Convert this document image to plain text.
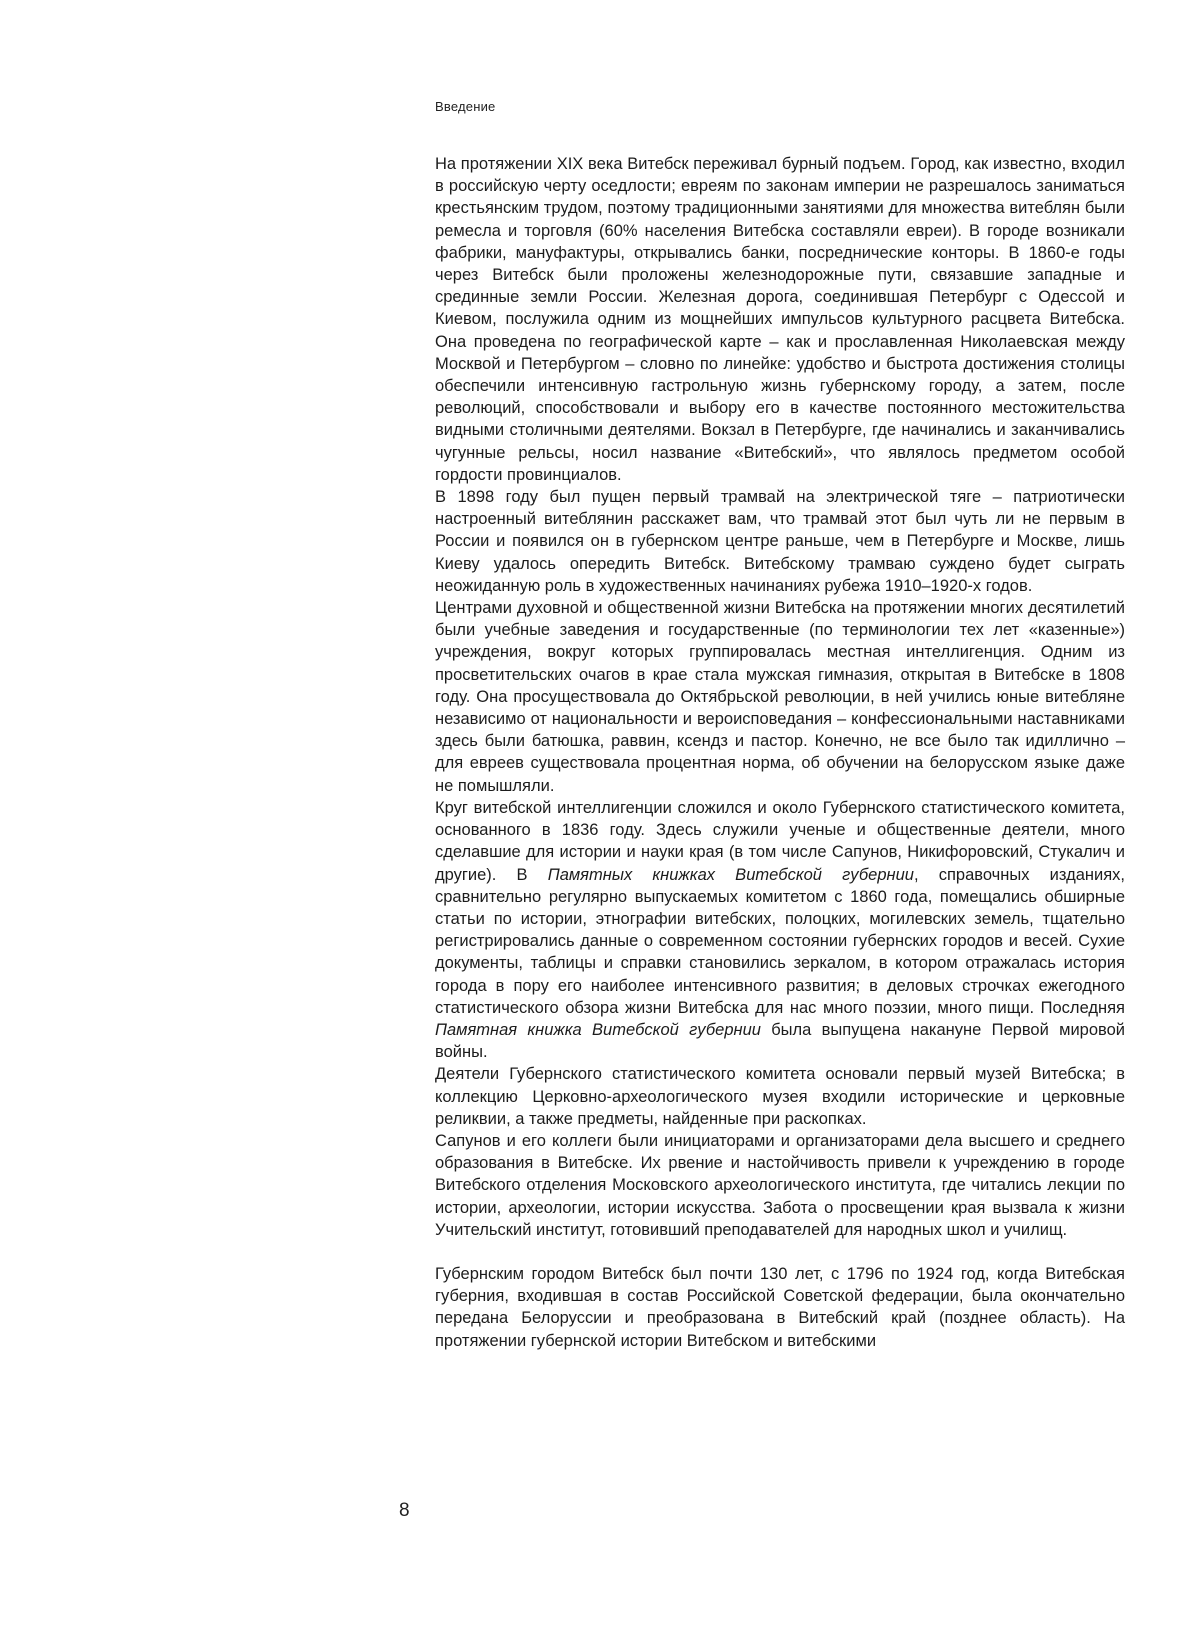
Введение

На протяжении XIX века Витебск переживал бурный подъем. Город, как известно, входил в российскую черту оседлости; евреям по законам империи не разрешалось заниматься крестьянским трудом, поэтому традиционными занятиями для множества витеблян были ремесла и торговля (60% населения Витебска составляли евреи). В городе возникали фабрики, мануфактуры, открывались банки, посреднические конторы. В 1860-е годы через Витебск были проложены железнодорожные пути, связавшие западные и срединные земли России. Железная дорога, соединившая Петербург с Одессой и Киевом, послужила одним из мощнейших импульсов культурного расцвета Витебска. Она проведена по географической карте – как и прославленная Николаевская между Москвой и Петербургом – словно по линейке: удобство и быстрота достижения столицы обеспечили интенсивную гастрольную жизнь губернскому городу, а затем, после революций, способствовали и выбору его в качестве постоянного местожительства видными столичными деятелями. Вокзал в Петербурге, где начинались и заканчивались чугунные рельсы, носил название «Витебский», что являлось предметом особой гордости провинциалов.

В 1898 году был пущен первый трамвай на электрической тяге – патриотически настроенный витеблянин расскажет вам, что трамвай этот был чуть ли не первым в России и появился он в губернском центре раньше, чем в Петербурге и Москве, лишь Киеву удалось опередить Витебск. Витебскому трамваю суждено будет сыграть неожиданную роль в художественных начинаниях рубежа 1910–1920-х годов.

Центрами духовной и общественной жизни Витебска на протяжении многих десятилетий были учебные заведения и государственные (по терминологии тех лет «казенные») учреждения, вокруг которых группировалась местная интеллигенция. Одним из просветительских очагов в крае стала мужская гимназия, открытая в Витебске в 1808 году. Она просуществовала до Октябрьской революции, в ней учились юные витебляне независимо от национальности и вероисповедания – конфессиональными наставниками здесь были батюшка, раввин, ксендз и пастор. Конечно, не все было так идиллично – для евреев существовала процентная норма, об обучении на белорусском языке даже не помышляли.

Круг витебской интеллигенции сложился и около Губернского статистического комитета, основанного в 1836 году. Здесь служили ученые и общественные деятели, много сделавшие для истории и науки края (в том числе Сапунов, Никифоровский, Стукалич и другие). В Памятных книжках Витебской губернии, справочных изданиях, сравнительно регулярно выпускаемых комитетом с 1860 года, помещались обширные статьи по истории, этнографии витебских, полоцких, могилевских земель, тщательно регистрировались данные о современном состоянии губернских городов и весей. Сухие документы, таблицы и справки становились зеркалом, в котором отражалась история города в пору его наиболее интенсивного развития; в деловых строчках ежегодного статистического обзора жизни Витебска для нас много поэзии, много пищи. Последняя Памятная книжка Витебской губернии была выпущена накануне Первой мировой войны.

Деятели Губернского статистического комитета основали первый музей Витебска; в коллекцию Церковно-археологического музея входили исторические и церковные реликвии, а также предметы, найденные при раскопках.

Сапунов и его коллеги были инициаторами и организаторами дела высшего и среднего образования в Витебске. Их рвение и настойчивость привели к учреждению в городе Витебского отделения Московского археологического института, где читались лекции по истории, археологии, истории искусства. Забота о просвещении края вызвала к жизни Учительский институт, готовивший преподавателей для народных школ и училищ.

Губернским городом Витебск был почти 130 лет, с 1796 по 1924 год, когда Витебская губерния, входившая в состав Российской Советской федерации, была окончательно передана Белоруссии и преобразована в Витебский край (позднее область). На протяжении губернской истории Витебском и витебскими

8
